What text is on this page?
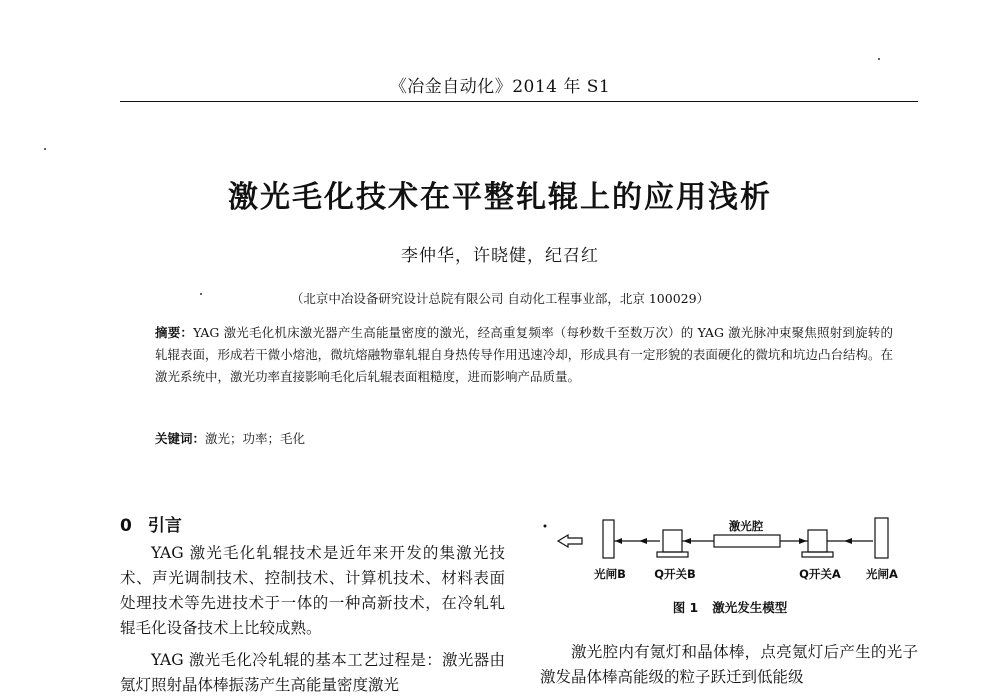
《冶金自动化》2014 年 S1
激光毛化技术在平整轧辊上的应用浅析
李仲华，许晓健，纪召红
（北京中冶设备研究设计总院有限公司 自动化工程事业部，北京 100029）
摘要：YAG 激光毛化机床激光器产生高能量密度的激光，经高重复频率（每秒数千至数万次）的 YAG 激光脉冲束聚焦照射到旋转的轧辊表面，形成若干微小熔池，微坑熔融物靠轧辊自身热传导作用迅速冷却，形成具有一定形貌的表面硬化的微坑和坑边凸台结构。在激光系统中，激光功率直接影响毛化后轧辊表面粗糙度，进而影响产品质量。
关键词：激光；功率；毛化
0 引言
YAG 激光毛化轧辊技术是近年来开发的集激光技术、声光调制技术、控制技术、计算机技术、材料表面处理技术等先进技术于一体的一种高新技术，在冷轧轧辊毛化设备技术上比较成熟。
YAG 激光毛化冷轧辊的基本工艺过程是：激光器由氪灯照射晶体棒振荡产生高能量密度激光
激光腔
光闸B Q开关B	Q开关A 光闸A
图 1 激光发生模型
激光腔内有氪灯和晶体棒，点亮氪灯后产生的光子激发晶体棒高能级的粒子跃迁到低能级
